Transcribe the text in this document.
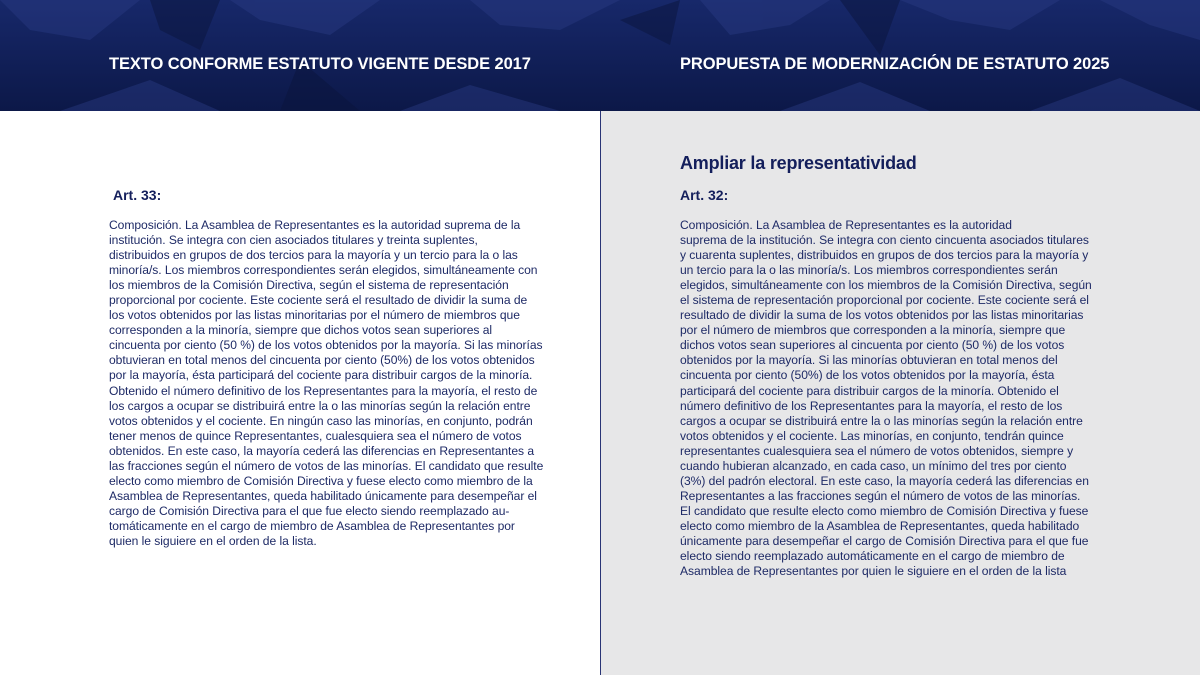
TEXTO CONFORME ESTATUTO VIGENTE DESDE 2017	PROPUESTA DE MODERNIZACIÓN DE ESTATUTO 2025
Art. 33:
Composición. La Asamblea de Representantes es la autoridad suprema de la
institución. Se integra con cien asociados titulares y treinta suplentes,
distribuidos en grupos de dos tercios para la mayoría y un tercio para la o las
minoría/s. Los miembros correspondientes serán elegidos, simultáneamente con
los miembros de la Comisión Directiva, según el sistema de representación
proporcional por cociente. Este cociente será el resultado de dividir la suma de
los votos obtenidos por las listas minoritarias por el número de miembros que
corresponden a la minoría, siempre que dichos votos sean superiores al
cincuenta por ciento (50 %) de los votos obtenidos por la mayoría. Si las minorías
obtuvieran en total menos del cincuenta por ciento (50%) de los votos obtenidos
por la mayoría, ésta participará del cociente para distribuir cargos de la minoría.
Obtenido el número definitivo de los Representantes para la mayoría, el resto de
los cargos a ocupar se distribuirá entre la o las minorías según la relación entre
votos obtenidos y el cociente. En ningún caso las minorías, en conjunto, podrán
tener menos de quince Representantes, cualesquiera sea el número de votos
obtenidos. En este caso, la mayoría cederá las diferencias en Representantes a
las fracciones según el número de votos de las minorías. El candidato que resulte
electo como miembro de Comisión Directiva y fuese electo como miembro de la
Asamblea de Representantes, queda habilitado únicamente para desempeñar el
cargo de Comisión Directiva para el que fue electo siendo reemplazado au-
tomáticamente en el cargo de miembro de Asamblea de Representantes por
quien le siguiere en el orden de la lista.
Ampliar la representatividad
Art. 32:
Composición. La Asamblea de Representantes es la autoridad
suprema de la institución. Se integra con ciento cincuenta asociados titulares
y cuarenta suplentes, distribuidos en grupos de dos tercios para la mayoría y
un tercio para la o las minoría/s. Los miembros correspondientes serán
elegidos, simultáneamente con los miembros de la Comisión Directiva, según
el sistema de representación proporcional por cociente. Este cociente será el
resultado de dividir la suma de los votos obtenidos por las listas minoritarias
por el número de miembros que corresponden a la minoría, siempre que
dichos votos sean superiores al cincuenta por ciento (50 %) de los votos
obtenidos por la mayoría. Si las minorías obtuvieran en total menos del
cincuenta por ciento (50%) de los votos obtenidos por la mayoría, ésta
participará del cociente para distribuir cargos de la minoría. Obtenido el
número definitivo de los Representantes para la mayoría, el resto de los
cargos a ocupar se distribuirá entre la o las minorías según la relación entre
votos obtenidos y el cociente. Las minorías, en conjunto, tendrán quince
representantes cualesquiera sea el número de votos obtenidos, siempre y
cuando hubieran alcanzado, en cada caso, un mínimo del tres por ciento
(3%) del padrón electoral. En este caso, la mayoría cederá las diferencias en
Representantes a las fracciones según el número de votos de las minorías.
El candidato que resulte electo como miembro de Comisión Directiva y fuese
electo como miembro de la Asamblea de Representantes, queda habilitado
únicamente para desempeñar el cargo de Comisión Directiva para el que fue
electo siendo reemplazado automáticamente en el cargo de miembro de
Asamblea de Representantes por quien le siguiere en el orden de la lista
